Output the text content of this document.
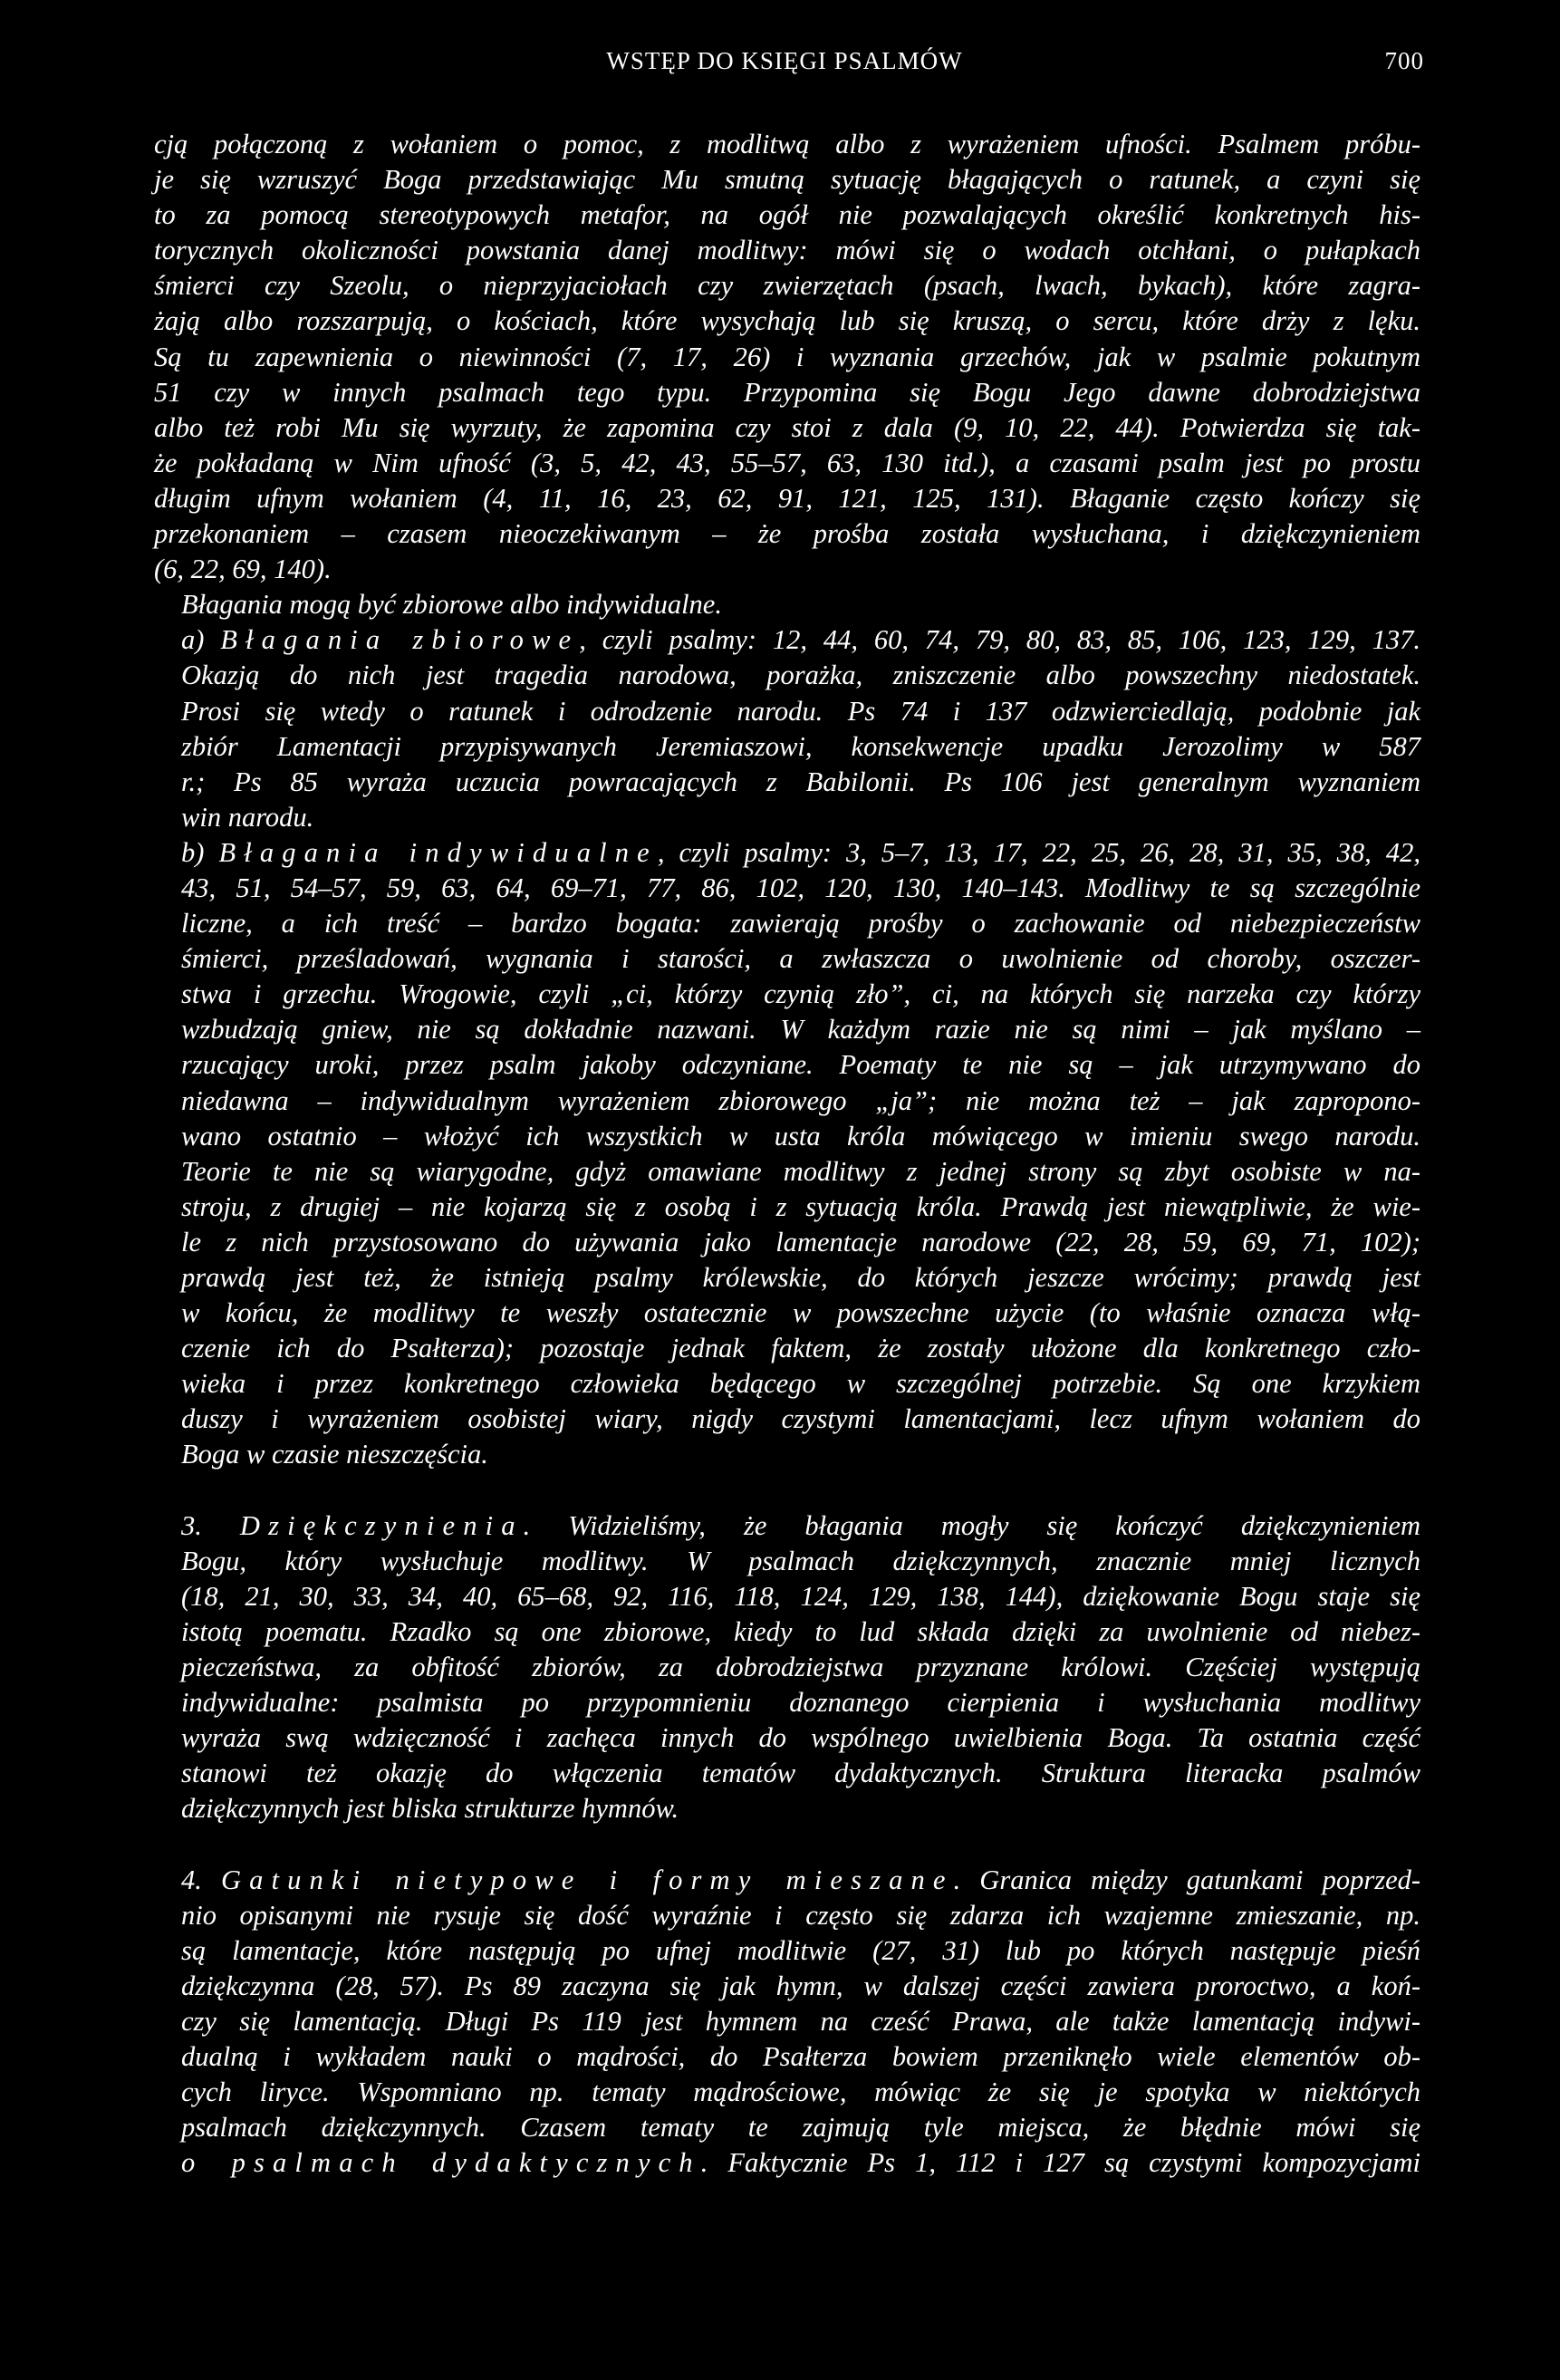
WSTĘP DO KSIĘGI PSALMÓW	700
cją połączoną z wołaniem o pomoc, z modlitwą albo z wyrażeniem ufności. Psalmem próbu-
je się wzruszyć Boga przedstawiając Mu smutną sytuację błagających o ratunek, a czyni się
to za pomocą stereotypowych metafor, na ogół nie pozwalających określić konkretnych his-
torycznych okoliczności powstania danej modlitwy: mówi się o wodach otchłani, o pułapkach
śmierci czy Szeolu, o nieprzyjaciołach czy zwierzętach (psach, lwach, bykach), które zagra-
żają albo rozszarpują, o kościach, które wysychają lub się kruszą, o sercu, które drży z lęku.
Są tu zapewnienia o niewinności (7, 17, 26) i wyznania grzechów, jak w psalmie pokutnym
51 czy w innych psalmach tego typu. Przypomina się Bogu Jego dawne dobrodziejstwa
albo też robi Mu się wyrzuty, że zapomina czy stoi z dala (9, 10, 22, 44). Potwierdza się tak-
że pokładaną w Nim ufność (3, 5, 42, 43, 55–57, 63, 130 itd.), a czasami psalm jest po prostu
długim ufnym wołaniem (4, 11, 16, 23, 62, 91, 121, 125, 131). Błaganie często kończy się
przekonaniem – czasem nieoczekiwanym – że prośba została wysłuchana, i dziękczynieniem
(6, 22, 69, 140).
Błagania mogą być zbiorowe albo indywidualne.
a) Błagania zbiorowe, czyli psalmy: 12, 44, 60, 74, 79, 80, 83, 85, 106, 123, 129, 137.
Okazją do nich jest tragedia narodowa, porażka, zniszczenie albo powszechny niedostatek.
Prosi się wtedy o ratunek i odrodzenie narodu. Ps 74 i 137 odzwierciedlają, podobnie jak
zbiór Lamentacji przypisywanych Jeremiaszowi, konsekwencje upadku Jerozolimy w 587
r.; Ps 85 wyraża uczucia powracających z Babilonii. Ps 106 jest generalnym wyznaniem
win narodu.
b) Błagania indywidualne, czyli psalmy: 3, 5–7, 13, 17, 22, 25, 26, 28, 31, 35, 38, 42,
43, 51, 54–57, 59, 63, 64, 69–71, 77, 86, 102, 120, 130, 140–143. Modlitwy te są szczególnie
liczne, a ich treść – bardzo bogata: zawierają prośby o zachowanie od niebezpieczeństw
śmierci, prześladowań, wygnania i starości, a zwłaszcza o uwolnienie od choroby, oszczer-
stwa i grzechu. Wrogowie, czyli „ci, którzy czynią zło”, ci, na których się narzeka czy którzy
wzbudzają gniew, nie są dokładnie nazwani. W każdym razie nie są nimi – jak myślano –
rzucający uroki, przez psalm jakoby odczyniane. Poematy te nie są – jak utrzymywano do
niedawna – indywidualnym wyrażeniem zbiorowego „ja”; nie można też – jak zapropono-
wano ostatnio – włożyć ich wszystkich w usta króla mówiącego w imieniu swego narodu.
Teorie te nie są wiarygodne, gdyż omawiane modlitwy z jednej strony są zbyt osobiste w na-
stroju, z drugiej – nie kojarzą się z osobą i z sytuacją króla. Prawdą jest niewątpliwie, że wie-
le z nich przystosowano do używania jako lamentacje narodowe (22, 28, 59, 69, 71, 102);
prawdą jest też, że istnieją psalmy królewskie, do których jeszcze wrócimy; prawdą jest
w końcu, że modlitwy te weszły ostatecznie w powszechne użycie (to właśnie oznacza włą-
czenie ich do Psałterza); pozostaje jednak faktem, że zostały ułożone dla konkretnego czło-
wieka i przez konkretnego człowieka będącego w szczególnej potrzebie. Są one krzykiem
duszy i wyrażeniem osobistej wiary, nigdy czystymi lamentacjami, lecz ufnym wołaniem do
Boga w czasie nieszczęścia.
3. Dziękczynienia. Widzieliśmy, że błagania mogły się kończyć dziękczynieniem
Bogu, który wysłuchuje modlitwy. W psalmach dziękczynnych, znacznie mniej licznych
(18, 21, 30, 33, 34, 40, 65–68, 92, 116, 118, 124, 129, 138, 144), dziękowanie Bogu staje się
istotą poematu. Rzadko są one zbiorowe, kiedy to lud składa dzięki za uwolnienie od niebez-
pieczeństwa, za obfitość zbiorów, za dobrodziejstwa przyznane królowi. Częściej występują
indywidualne: psalmista po przypomnieniu doznanego cierpienia i wysłuchania modlitwy
wyraża swą wdzięczność i zachęca innych do wspólnego uwielbienia Boga. Ta ostatnia część
stanowi też okazję do włączenia tematów dydaktycznych. Struktura literacka psalmów
dziękczynnych jest bliska strukturze hymnów.
4. Gatunki nietypowe i formy mieszane. Granica między gatunkami poprzed-
nio opisanymi nie rysuje się dość wyraźnie i często się zdarza ich wzajemne zmieszanie, np.
są lamentacje, które następują po ufnej modlitwie (27, 31) lub po których następuje pieśń
dziękczynna (28, 57). Ps 89 zaczyna się jak hymn, w dalszej części zawiera proroctwo, a koń-
czy się lamentacją. Długi Ps 119 jest hymnem na cześć Prawa, ale także lamentacją indywi-
dualną i wykładem nauki o mądrości, do Psałterza bowiem przeniknęło wiele elementów ob-
cych liryce. Wspomniano np. tematy mądrościowe, mówiąc że się je spotyka w niektórych
psalmach dziękczynnych. Czasem tematy te zajmują tyle miejsca, że błędnie mówi się
o psalmach dydaktycznych. Faktycznie Ps 1, 112 i 127 są czystymi kompozycjami
